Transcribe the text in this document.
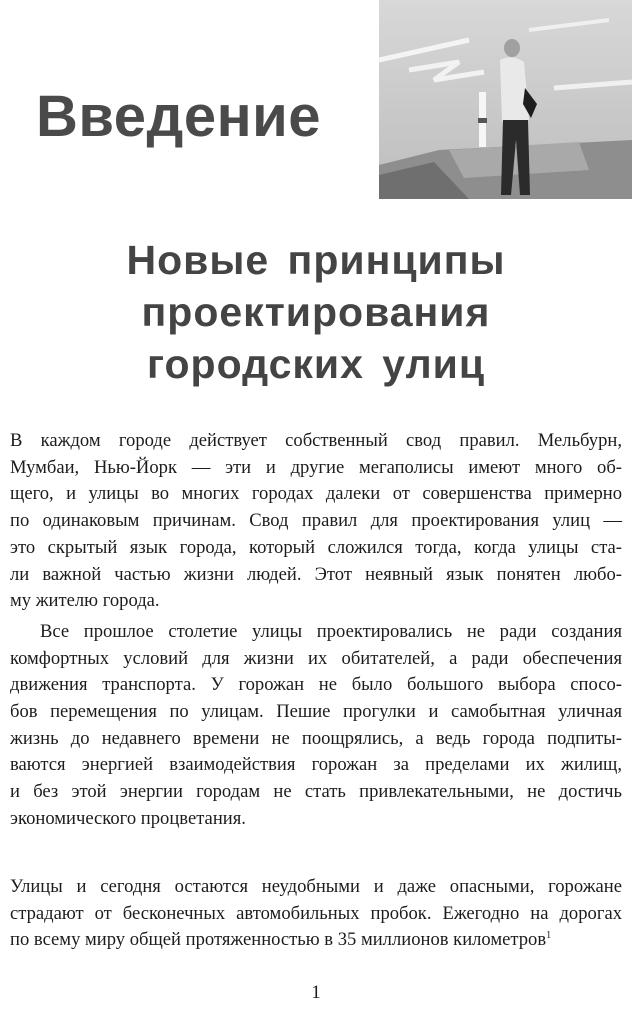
Введение
Новые принципы
проектирования
городских улиц
В каждом городе действует собственный свод правил. Мельбурн,
Мумбаи, Нью-Йорк — эти и другие мегаполисы имеют много об-
щего, и улицы во многих городах далеки от совершенства примерно
по одинаковым причинам. Свод правил для проектирования улиц —
это скрытый язык города, который сложился тогда, когда улицы ста-
ли важной частью жизни людей. Этот неявный язык понятен любо-
му жителю города.
Все прошлое столетие улицы проектировались не ради создания
комфортных условий для жизни их обитателей, а ради обеспечения
движения транспорта. У горожан не было большого выбора спосо-
бов перемещения по улицам. Пешие прогулки и самобытная уличная
жизнь до недавнего времени не поощрялись, а ведь города подпиты-
ваются энергией взаимодействия горожан за пределами их жилищ,
и без этой энергии городам не стать привлекательными, не достичь
экономического процветания.
Улицы и сегодня остаются неудобными и даже опасными, горожане
страдают от бесконечных автомобильных пробок. Ежегодно на дорогах
по всему миру общей протяженностью в 35 миллионов километров$^1$
1
